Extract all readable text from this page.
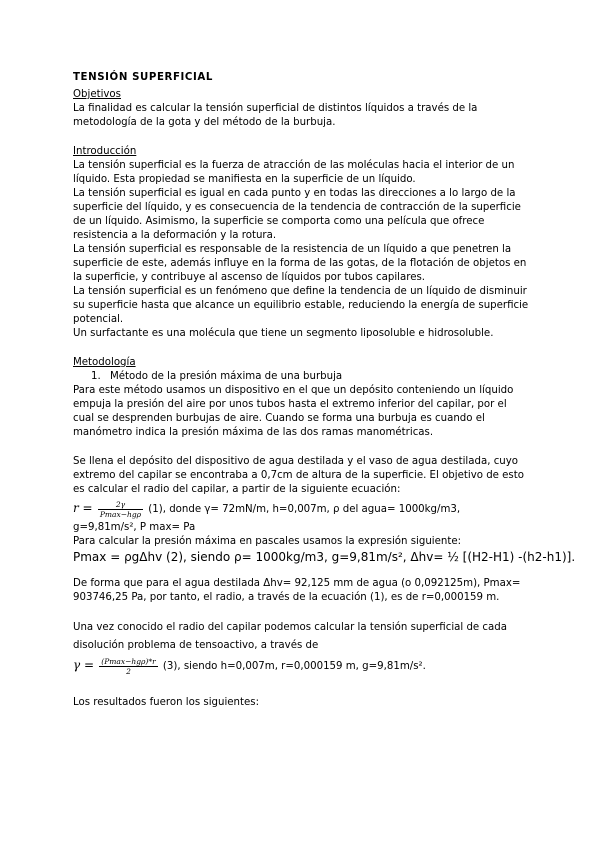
TENSIÓN SUPERFICIAL
Objetivos
La finalidad es calcular la tensión superficial de distintos líquidos a través de la
metodología de la gota y del método de la burbuja.
Introducción
La tensión superficial es la fuerza de atracción de las moléculas hacia el interior de un
líquido. Esta propiedad se manifiesta en la superficie de un líquido.
La tensión superficial es igual en cada punto y en todas las direcciones a lo largo de la
superficie del líquido, y es consecuencia de la tendencia de contracción de la superficie
de un líquido. Asimismo, la superficie se comporta como una película que ofrece
resistencia a la deformación y la rotura.
La tensión superficial es responsable de la resistencia de un líquido a que penetren la
superficie de este, además influye en la forma de las gotas, de la flotación de objetos en
la superficie, y contribuye al ascenso de líquidos por tubos capilares.
La tensión superficial es un fenómeno que define la tendencia de un líquido de disminuir
su superficie hasta que alcance un equilibrio estable, reduciendo la energía de superficie
potencial.
Un surfactante es una molécula que tiene un segmento liposoluble e hidrosoluble.
Metodología
1. Método de la presión máxima de una burbuja
Para este método usamos un dispositivo en el que un depósito conteniendo un líquido
empuja la presión del aire por unos tubos hasta el extremo inferior del capilar, por el
cual se desprenden burbujas de aire. Cuando se forma una burbuja es cuando el
manómetro indica la presión máxima de las dos ramas manométricas.
Se llena el depósito del dispositivo de agua destilada y el vaso de agua destilada, cuyo
extremo del capilar se encontraba a 0,7cm de altura de la superficie. El objetivo de esto
es calcular el radio del capilar, a partir de la siguiente ecuación:
$r = \frac{2\gamma}{\text{Pmax−hgρ}} (1)$, donde γ= 72mN/m, h=0,007m, ρ del agua= 1000kg/m3,
g=9,81m/s², P max= Pa
Para calcular la presión máxima en pascales usamos la expresión siguiente:
Pmax = ρgΔhv (2), siendo ρ= 1000kg/m3, g=9,81m/s², Δhv= ½ [(H2-H1) -(h2-h1)].
De forma que para el agua destilada Δhv= 92,125 mm de agua (o 0,092125m), Pmax=
903746,25 Pa, por tanto, el radio, a través de la ecuación (1), es de r=0,000159 m.
Una vez conocido el radio del capilar podemos calcular la tensión superficial de cada
disolución problema de tensoactivo, a través de
$\gamma = \frac{\text{(Pmax−hgρ)*r}}{2} (3)$, siendo h=0,007m, r=0,000159 m, g=9,81m/s².
Los resultados fueron los siguientes:
